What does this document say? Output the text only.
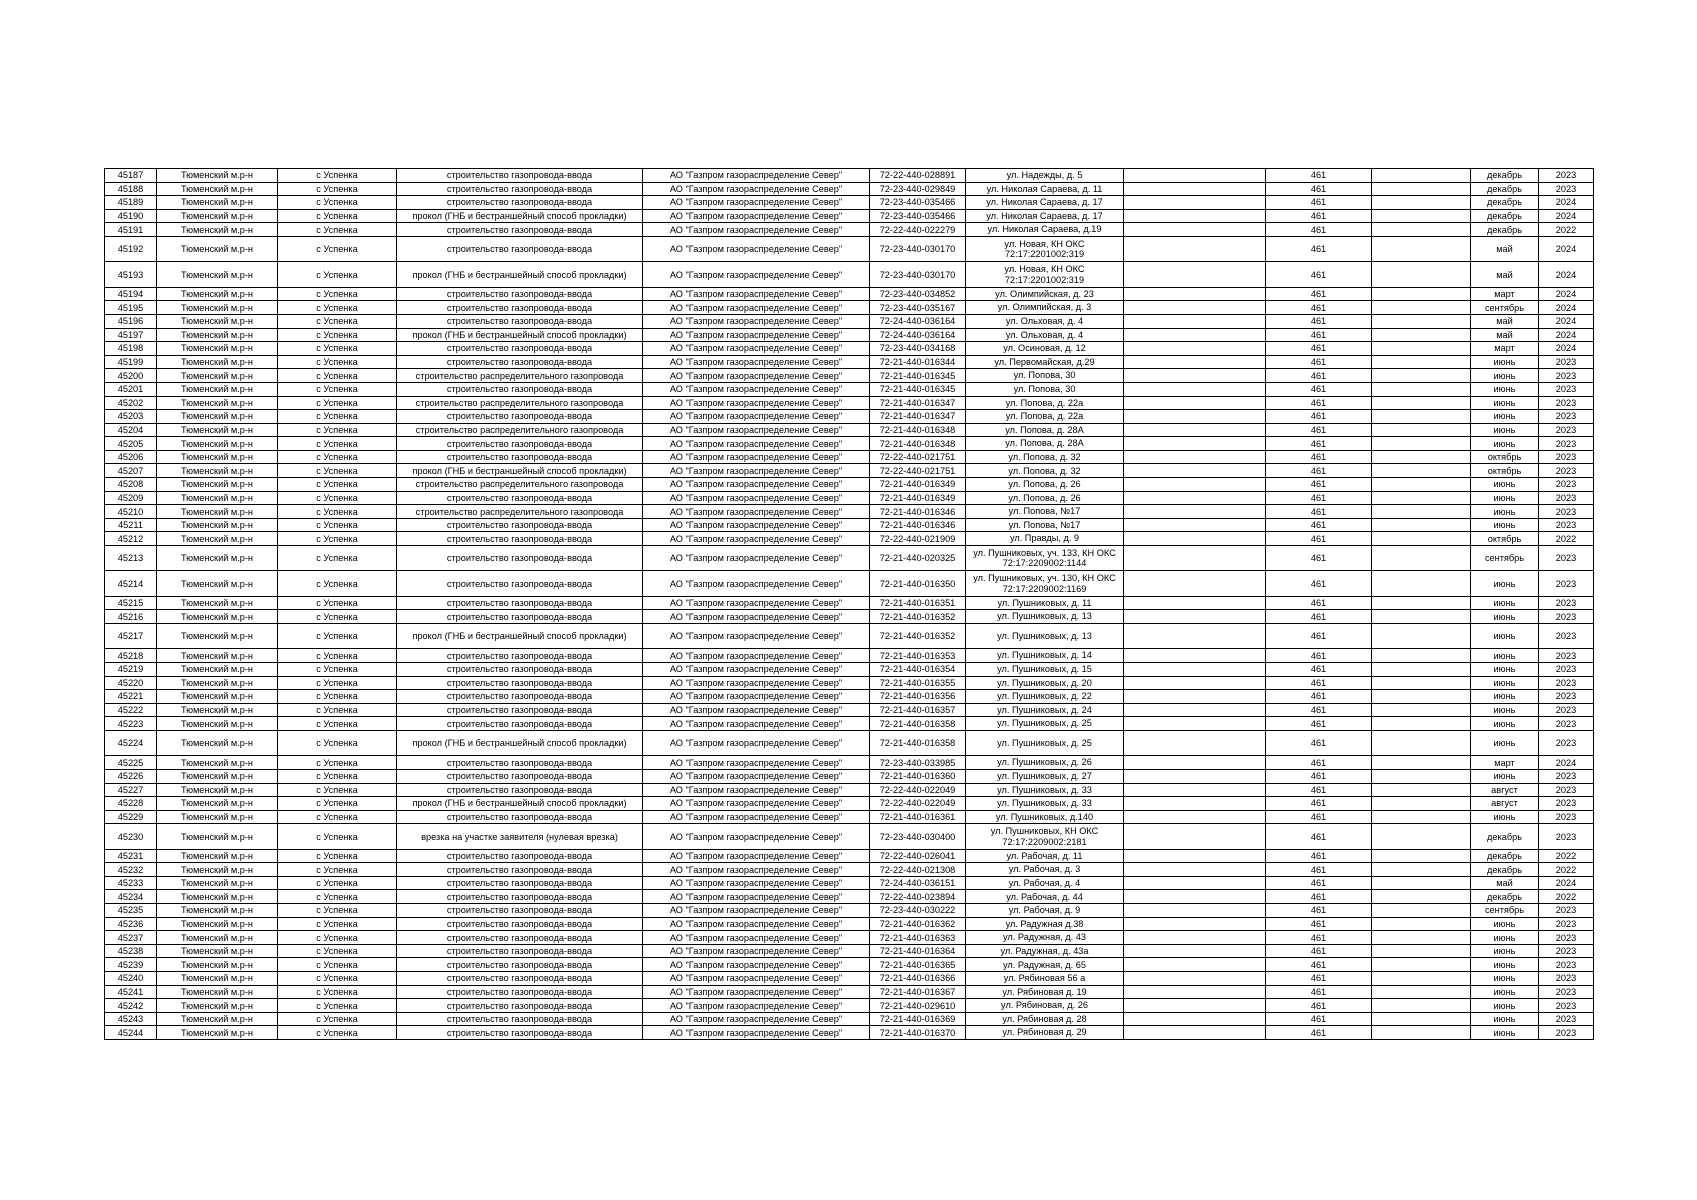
45187	Тюменский м.р-н	с Успенка	строительство газопровода-ввода	АО "Газпром газораспределение Север"	72-22-440-028891	ул. Надежды, д. 5		461		декабрь	2023
45188	Тюменский м.р-н	с Успенка	строительство газопровода-ввода	АО "Газпром газораспределение Север"	72-23-440-029849	ул. Николая Сараева, д. 11		461		декабрь	2023
45189	Тюменский м.р-н	с Успенка	строительство газопровода-ввода	АО "Газпром газораспределение Север"	72-23-440-035466	ул. Николая Сараева, д. 17		461		декабрь	2024
45190	Тюменский м.р-н	с Успенка	прокол (ГНБ и бестраншейный способ прокладки)	АО "Газпром газораспределение Север"	72-23-440-035466	ул. Николая Сараева, д. 17		461		декабрь	2024
45191	Тюменский м.р-н	с Успенка	строительство газопровода-ввода	АО "Газпром газораспределение Север"	72-22-440-022279	ул. Николая Сараева, д.19		461		декабрь	2022
45192	Тюменский м.р-н	с Успенка	строительство газопровода-ввода	АО "Газпром газораспределение Север"	72-23-440-030170	ул. Новая, КН ОКС 72:17:2201002:319		461		май	2024
45193	Тюменский м.р-н	с Успенка	прокол (ГНБ и бестраншейный способ прокладки)	АО "Газпром газораспределение Север"	72-23-440-030170	ул. Новая, КН ОКС 72:17:2201002:319		461		май	2024
45194	Тюменский м.р-н	с Успенка	строительство газопровода-ввода	АО "Газпром газораспределение Север"	72-23-440-034852	ул. Олимпийская, д. 23		461		март	2024
45195	Тюменский м.р-н	с Успенка	строительство газопровода-ввода	АО "Газпром газораспределение Север"	72-23-440-035167	ул. Олимпийская, д. 3		461		сентябрь	2024
45196	Тюменский м.р-н	с Успенка	строительство газопровода-ввода	АО "Газпром газораспределение Север"	72-24-440-036164	ул. Ольховая, д. 4		461		май	2024
45197	Тюменский м.р-н	с Успенка	прокол (ГНБ и бестраншейный способ прокладки)	АО "Газпром газораспределение Север"	72-24-440-036164	ул. Ольховая, д. 4		461		май	2024
45198	Тюменский м.р-н	с Успенка	строительство газопровода-ввода	АО "Газпром газораспределение Север"	72-23-440-034168	ул. Осиновая, д. 12		461		март	2024
45199	Тюменский м.р-н	с Успенка	строительство газопровода-ввода	АО "Газпром газораспределение Север"	72-21-440-016344	ул. Первомайская, д.29		461		июнь	2023
45200	Тюменский м.р-н	с Успенка	строительство распределительного газопровода	АО "Газпром газораспределение Север"	72-21-440-016345	ул. Попова, 30		461		июнь	2023
45201	Тюменский м.р-н	с Успенка	строительство газопровода-ввода	АО "Газпром газораспределение Север"	72-21-440-016345	ул. Попова, 30		461		июнь	2023
45202	Тюменский м.р-н	с Успенка	строительство распределительного газопровода	АО "Газпром газораспределение Север"	72-21-440-016347	ул. Попова, д. 22а		461		июнь	2023
45203	Тюменский м.р-н	с Успенка	строительство газопровода-ввода	АО "Газпром газораспределение Север"	72-21-440-016347	ул. Попова, д. 22а		461		июнь	2023
45204	Тюменский м.р-н	с Успенка	строительство распределительного газопровода	АО "Газпром газораспределение Север"	72-21-440-016348	ул. Попова, д. 28А		461		июнь	2023
45205	Тюменский м.р-н	с Успенка	строительство газопровода-ввода	АО "Газпром газораспределение Север"	72-21-440-016348	ул. Попова, д. 28А		461		июнь	2023
45206	Тюменский м.р-н	с Успенка	строительство газопровода-ввода	АО "Газпром газораспределение Север"	72-22-440-021751	ул. Попова, д. 32		461		октябрь	2023
45207	Тюменский м.р-н	с Успенка	прокол (ГНБ и бестраншейный способ прокладки)	АО "Газпром газораспределение Север"	72-22-440-021751	ул. Попова, д. 32		461		октябрь	2023
45208	Тюменский м.р-н	с Успенка	строительство распределительного газопровода	АО "Газпром газораспределение Север"	72-21-440-016349	ул. Попова, д. 26		461		июнь	2023
45209	Тюменский м.р-н	с Успенка	строительство газопровода-ввода	АО "Газпром газораспределение Север"	72-21-440-016349	ул. Попова, д. 26		461		июнь	2023
45210	Тюменский м.р-н	с Успенка	строительство распределительного газопровода	АО "Газпром газораспределение Север"	72-21-440-016346	ул. Попова, №17		461		июнь	2023
45211	Тюменский м.р-н	с Успенка	строительство газопровода-ввода	АО "Газпром газораспределение Север"	72-21-440-016346	ул. Попова, №17		461		июнь	2023
45212	Тюменский м.р-н	с Успенка	строительство газопровода-ввода	АО "Газпром газораспределение Север"	72-22-440-021909	ул. Правды, д. 9		461		октябрь	2022
45213	Тюменский м.р-н	с Успенка	строительство газопровода-ввода	АО "Газпром газораспределение Север"	72-21-440-020325	ул. Пушниковых, уч. 133, КН ОКС 72:17:2209002:1144		461		сентябрь	2023
45214	Тюменский м.р-н	с Успенка	строительство газопровода-ввода	АО "Газпром газораспределение Север"	72-21-440-016350	ул. Пушниковых, уч. 130, КН ОКС 72:17:2209002:1169		461		июнь	2023
45215	Тюменский м.р-н	с Успенка	строительство газопровода-ввода	АО "Газпром газораспределение Север"	72-21-440-016351	ул. Пушниковых, д. 11		461		июнь	2023
45216	Тюменский м.р-н	с Успенка	строительство газопровода-ввода	АО "Газпром газораспределение Север"	72-21-440-016352	ул. Пушниковых, д. 13		461		июнь	2023
45217	Тюменский м.р-н	с Успенка	прокол (ГНБ и бестраншейный способ прокладки)	АО "Газпром газораспределение Север"	72-21-440-016352	ул. Пушниковых, д. 13		461		июнь	2023
45218	Тюменский м.р-н	с Успенка	строительство газопровода-ввода	АО "Газпром газораспределение Север"	72-21-440-016353	ул. Пушниковых, д. 14		461		июнь	2023
45219	Тюменский м.р-н	с Успенка	строительство газопровода-ввода	АО "Газпром газораспределение Север"	72-21-440-016354	ул. Пушниковых, д. 15		461		июнь	2023
45220	Тюменский м.р-н	с Успенка	строительство газопровода-ввода	АО "Газпром газораспределение Север"	72-21-440-016355	ул. Пушниковых, д. 20		461		июнь	2023
45221	Тюменский м.р-н	с Успенка	строительство газопровода-ввода	АО "Газпром газораспределение Север"	72-21-440-016356	ул. Пушниковых, д. 22		461		июнь	2023
45222	Тюменский м.р-н	с Успенка	строительство газопровода-ввода	АО "Газпром газораспределение Север"	72-21-440-016357	ул. Пушниковых, д. 24		461		июнь	2023
45223	Тюменский м.р-н	с Успенка	строительство газопровода-ввода	АО "Газпром газораспределение Север"	72-21-440-016358	ул. Пушниковых, д. 25		461		июнь	2023
45224	Тюменский м.р-н	с Успенка	прокол (ГНБ и бестраншейный способ прокладки)	АО "Газпром газораспределение Север"	72-21-440-016358	ул. Пушниковых, д. 25		461		июнь	2023
45225	Тюменский м.р-н	с Успенка	строительство газопровода-ввода	АО "Газпром газораспределение Север"	72-23-440-033985	ул. Пушниковых, д. 26		461		март	2024
45226	Тюменский м.р-н	с Успенка	строительство газопровода-ввода	АО "Газпром газораспределение Север"	72-21-440-016360	ул. Пушниковых, д. 27		461		июнь	2023
45227	Тюменский м.р-н	с Успенка	строительство газопровода-ввода	АО "Газпром газораспределение Север"	72-22-440-022049	ул. Пушниковых, д. 33		461		август	2023
45228	Тюменский м.р-н	с Успенка	прокол (ГНБ и бестраншейный способ прокладки)	АО "Газпром газораспределение Север"	72-22-440-022049	ул. Пушниковых, д. 33		461		август	2023
45229	Тюменский м.р-н	с Успенка	строительство газопровода-ввода	АО "Газпром газораспределение Север"	72-21-440-016361	ул. Пушниковых, д.140		461		июнь	2023
45230	Тюменский м.р-н	с Успенка	врезка на участке заявителя (нулевая врезка)	АО "Газпром газораспределение Север"	72-23-440-030400	ул. Пушниковых, КН ОКС 72:17:2209002:2181		461		декабрь	2023
45231	Тюменский м.р-н	с Успенка	строительство газопровода-ввода	АО "Газпром газораспределение Север"	72-22-440-026041	ул. Рабочая, д. 11		461		декабрь	2022
45232	Тюменский м.р-н	с Успенка	строительство газопровода-ввода	АО "Газпром газораспределение Север"	72-22-440-021308	ул. Рабочая, д. 3		461		декабрь	2022
45233	Тюменский м.р-н	с Успенка	строительство газопровода-ввода	АО "Газпром газораспределение Север"	72-24-440-036151	ул. Рабочая, д. 4		461		май	2024
45234	Тюменский м.р-н	с Успенка	строительство газопровода-ввода	АО "Газпром газораспределение Север"	72-22-440-023894	ул. Рабочая, д. 44		461		декабрь	2022
45235	Тюменский м.р-н	с Успенка	строительство газопровода-ввода	АО "Газпром газораспределение Север"	72-23-440-030222	ул. Рабочая, д. 9		461		сентябрь	2023
45236	Тюменский м.р-н	с Успенка	строительство газопровода-ввода	АО "Газпром газораспределение Север"	72-21-440-016362	ул. Радужная д.38		461		июнь	2023
45237	Тюменский м.р-н	с Успенка	строительство газопровода-ввода	АО "Газпром газораспределение Север"	72-21-440-016363	ул. Радужная, д. 43		461		июнь	2023
45238	Тюменский м.р-н	с Успенка	строительство газопровода-ввода	АО "Газпром газораспределение Север"	72-21-440-016364	ул. Радужная, д. 43а		461		июнь	2023
45239	Тюменский м.р-н	с Успенка	строительство газопровода-ввода	АО "Газпром газораспределение Север"	72-21-440-016365	ул. Радужная, д. 65		461		июнь	2023
45240	Тюменский м.р-н	с Успенка	строительство газопровода-ввода	АО "Газпром газораспределение Север"	72-21-440-016366	ул. Рябиновая 56 а		461		июнь	2023
45241	Тюменский м.р-н	с Успенка	строительство газопровода-ввода	АО "Газпром газораспределение Север"	72-21-440-016367	ул. Рябиновая д. 19		461		июнь	2023
45242	Тюменский м.р-н	с Успенка	строительство газопровода-ввода	АО "Газпром газораспределение Север"	72-21-440-029610	ул. Рябиновая, д. 26		461		июнь	2023
45243	Тюменский м.р-н	с Успенка	строительство газопровода-ввода	АО "Газпром газораспределение Север"	72-21-440-016369	ул. Рябиновая д. 28		461		июнь	2023
45244	Тюменский м.р-н	с Успенка	строительство газопровода-ввода	АО "Газпром газораспределение Север"	72-21-440-016370	ул. Рябиновая д. 29		461		июнь	2023
